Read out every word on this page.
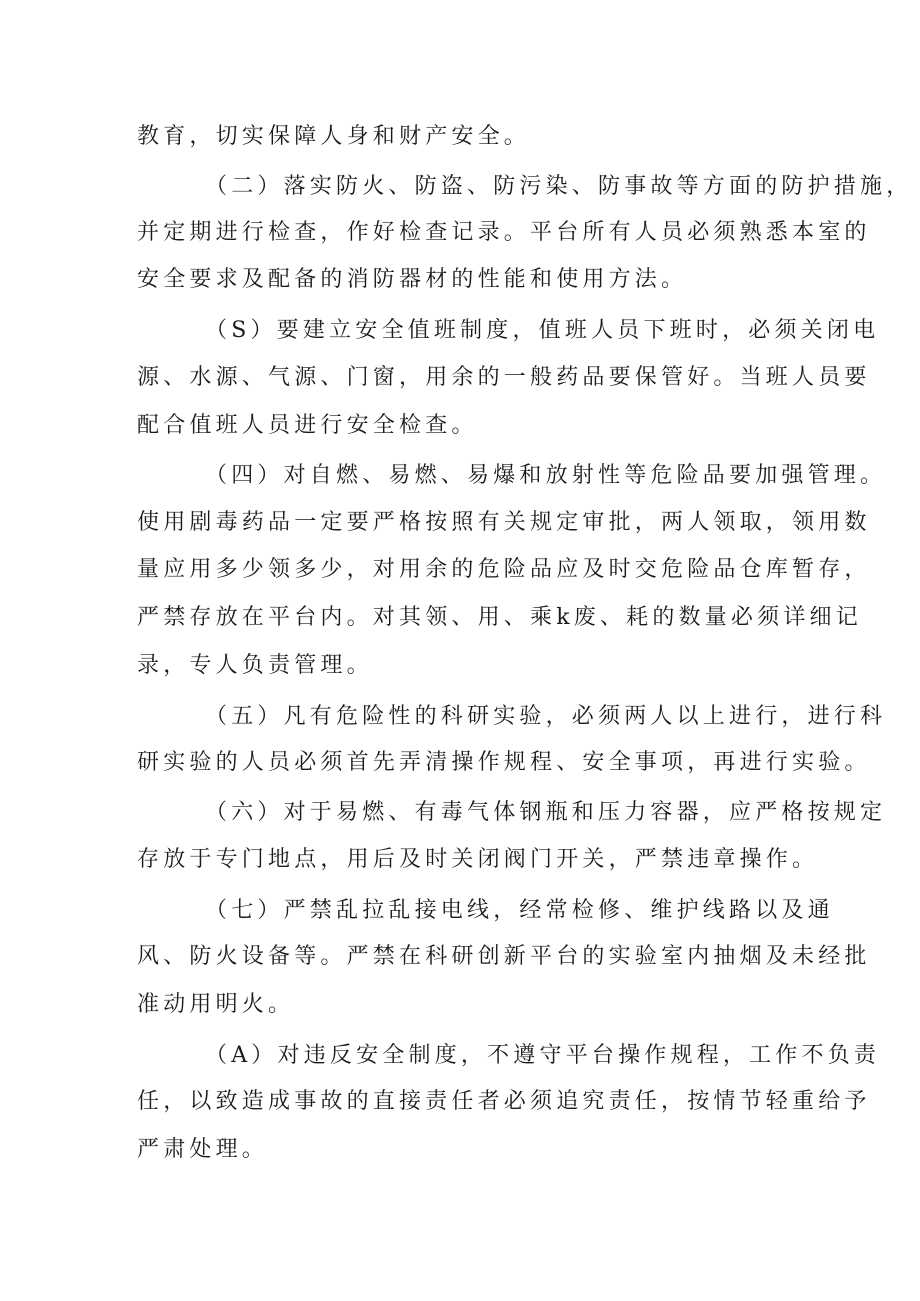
教育，切实保障人身和财产安全。
（二）落实防火、防盗、防污染、防事故等方面的防护措施，
并定期进行检查，作好检查记录。平台所有人员必须熟悉本室的
安全要求及配备的消防器材的性能和使用方法。
（S）要建立安全值班制度，值班人员下班时，必须关闭电
源、水源、气源、门窗，用余的一般药品要保管好。当班人员要
配合值班人员进行安全检查。
（四）对自燃、易燃、易爆和放射性等危险品要加强管理。
使用剧毒药品一定要严格按照有关规定审批，两人领取，领用数
量应用多少领多少，对用余的危险品应及时交危险品仓库暂存，
严禁存放在平台内。对其领、用、乘k废、耗的数量必须详细记
录，专人负责管理。
（五）凡有危险性的科研实验，必须两人以上进行，进行科
研实验的人员必须首先弄清操作规程、安全事项，再进行实验。
（六）对于易燃、有毒气体钢瓶和压力容器，应严格按规定
存放于专门地点，用后及时关闭阀门开关，严禁违章操作。
（七）严禁乱拉乱接电线，经常检修、维护线路以及通
风、防火设备等。严禁在科研创新平台的实验室内抽烟及未经批
准动用明火。
（A）对违反安全制度，不遵守平台操作规程，工作不负责
任，以致造成事故的直接责任者必须追究责任，按情节轻重给予
严肃处理。
